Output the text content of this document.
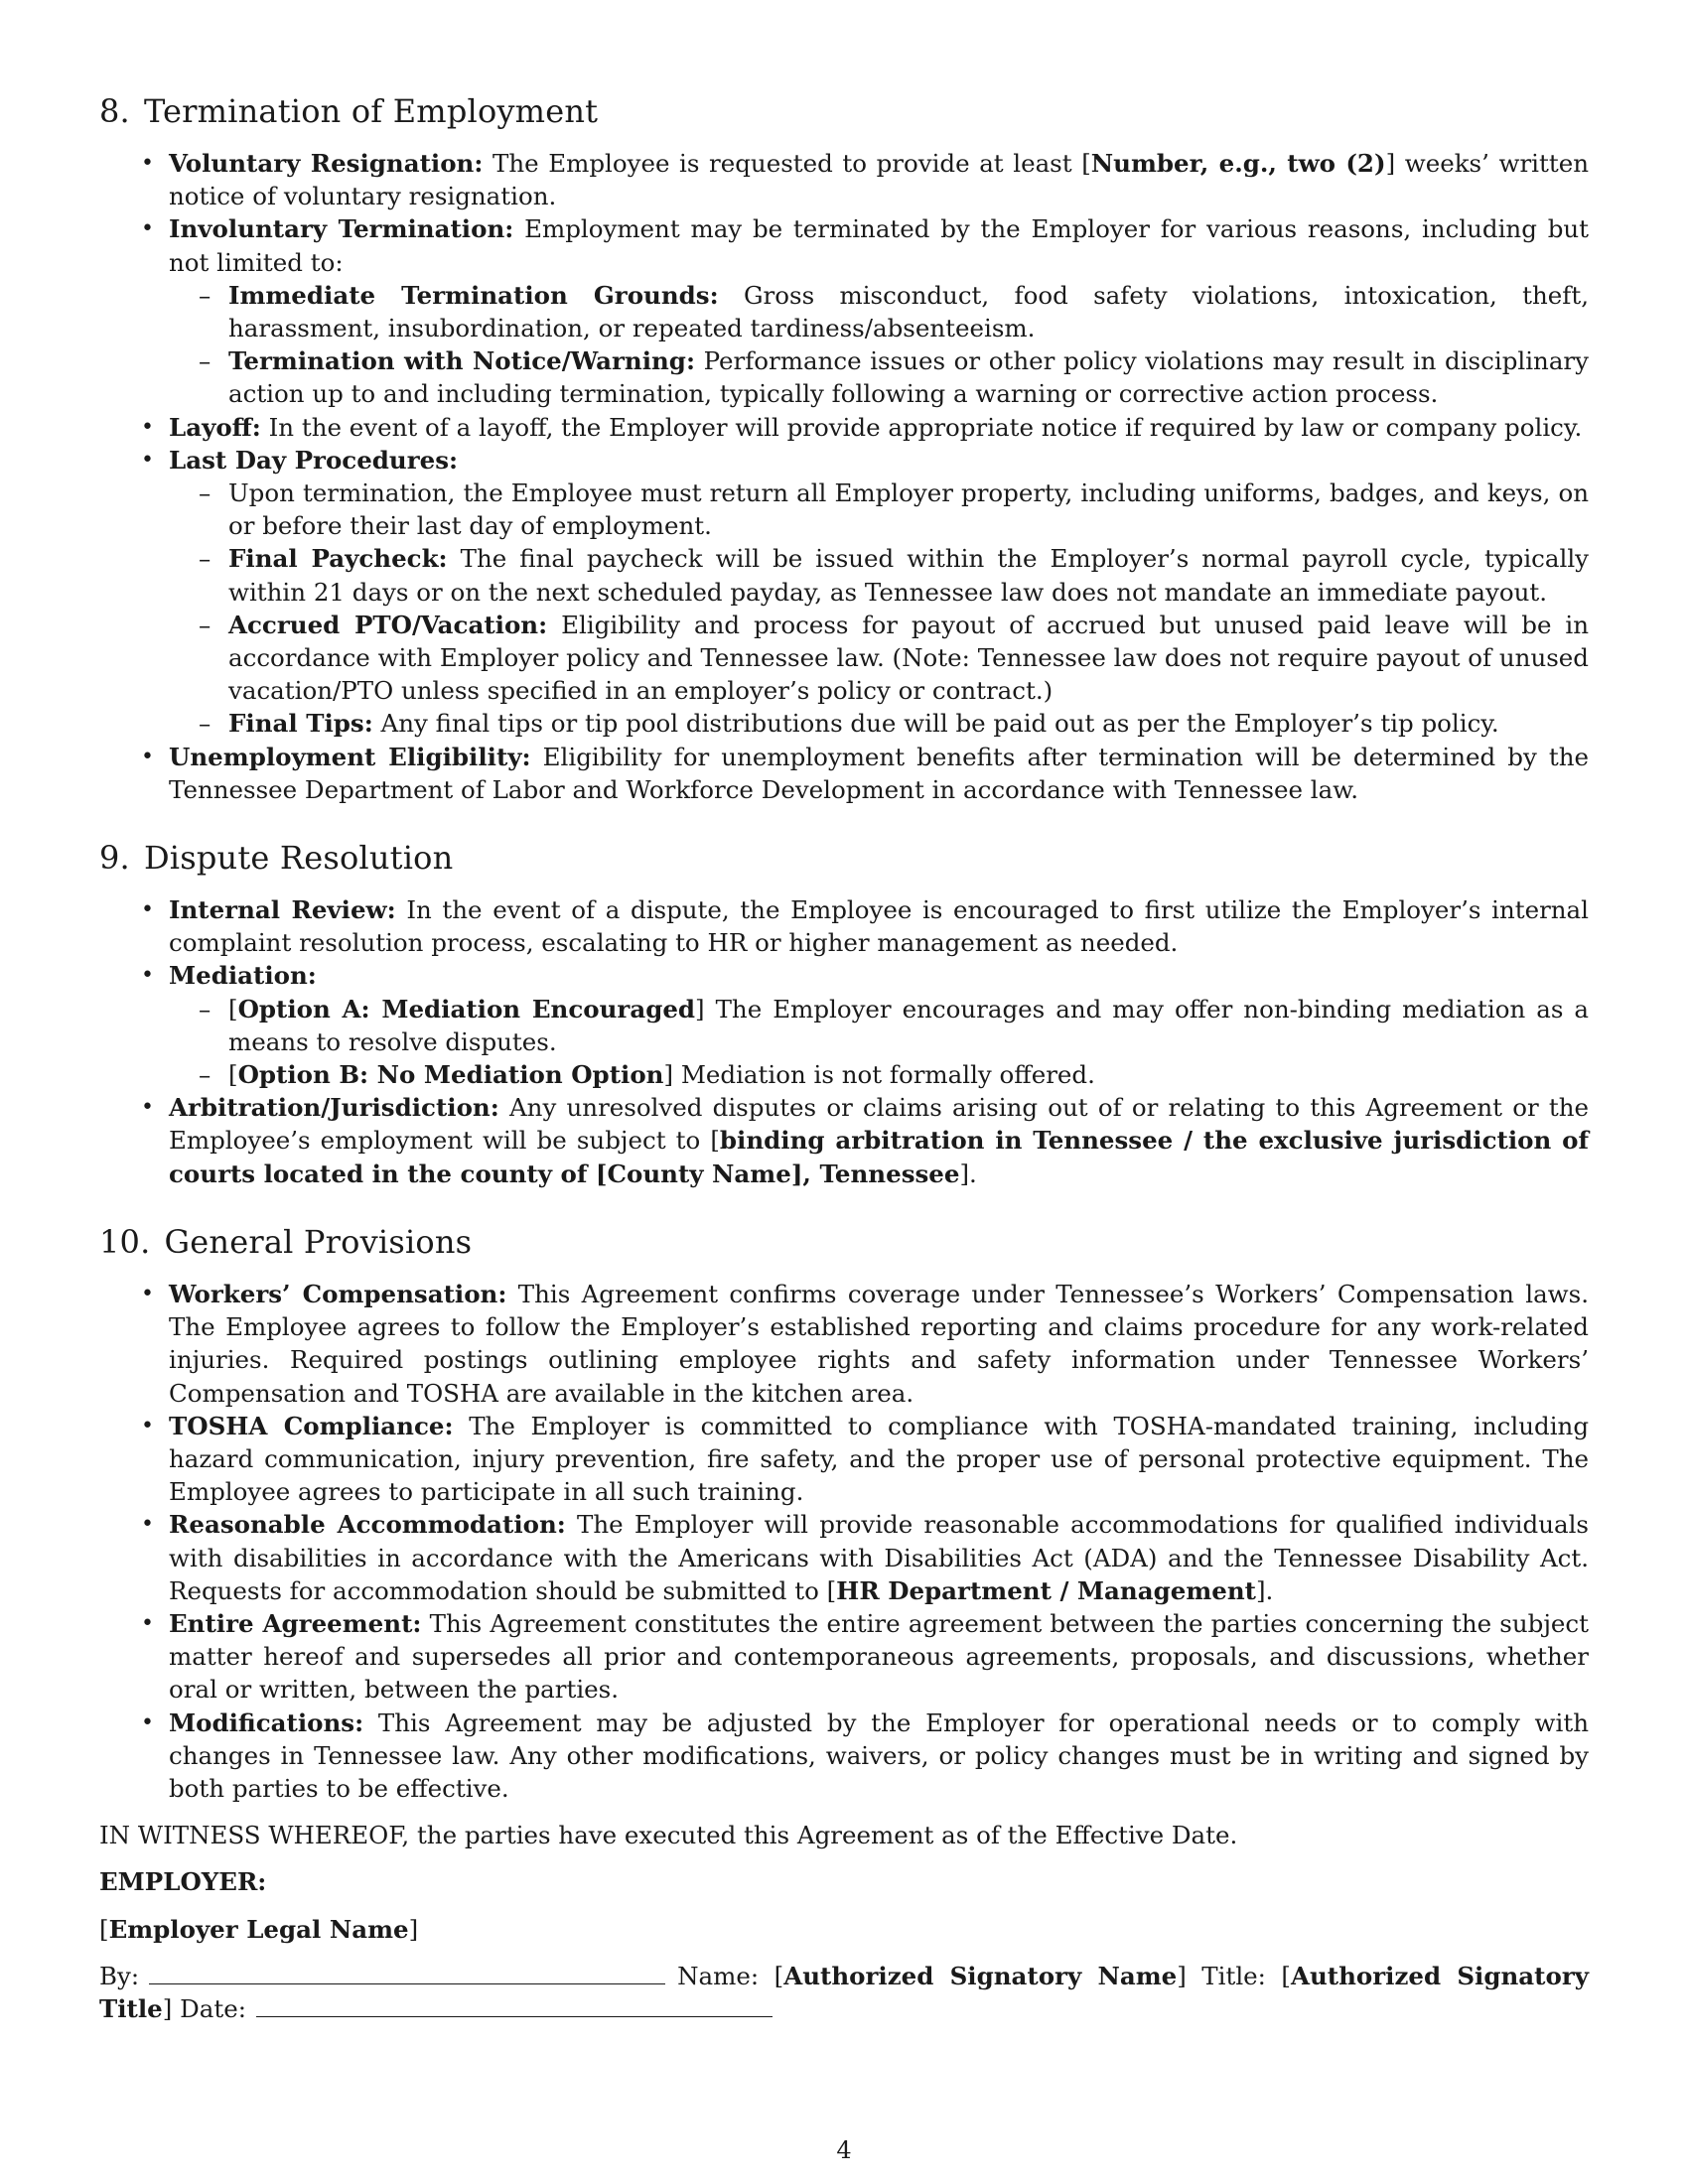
8. Termination of Employment
• Voluntary Resignation: The Employee is requested to provide at least [Number, e.g., two (2)] weeks’ written notice of voluntary resignation.
• Involuntary Termination: Employment may be terminated by the Employer for various reasons, including but not limited to:
– Immediate Termination Grounds: Gross misconduct, food safety violations, intoxication, theft, harassment, insubordination, or repeated tardiness/absenteeism.
– Termination with Notice/Warning: Performance issues or other policy violations may result in disciplinary action up to and including termination, typically following a warning or corrective action process.
• Layoff: In the event of a layoff, the Employer will provide appropriate notice if required by law or company policy.
• Last Day Procedures:
– Upon termination, the Employee must return all Employer property, including uniforms, badges, and keys, on or before their last day of employment.
– Final Paycheck: The final paycheck will be issued within the Employer’s normal payroll cycle, typically within 21 days or on the next scheduled payday, as Tennessee law does not mandate an immediate payout.
– Accrued PTO/Vacation: Eligibility and process for payout of accrued but unused paid leave will be in accordance with Employer policy and Tennessee law. (Note: Tennessee law does not require payout of unused vacation/PTO unless specified in an employer’s policy or contract.)
– Final Tips: Any final tips or tip pool distributions due will be paid out as per the Employer’s tip policy.
• Unemployment Eligibility: Eligibility for unemployment benefits after termination will be determined by the Tennessee Department of Labor and Workforce Development in accordance with Tennessee law.
9. Dispute Resolution
• Internal Review: In the event of a dispute, the Employee is encouraged to first utilize the Employer’s internal complaint resolution process, escalating to HR or higher management as needed.
• Mediation:
– [Option A: Mediation Encouraged] The Employer encourages and may offer non-binding mediation as a means to resolve disputes.
– [Option B: No Mediation Option] Mediation is not formally offered.
• Arbitration/Jurisdiction: Any unresolved disputes or claims arising out of or relating to this Agreement or the Employee’s employment will be subject to [binding arbitration in Tennessee / the exclusive jurisdiction of courts located in the county of [County Name], Tennessee].
10. General Provisions
• Workers’ Compensation: This Agreement confirms coverage under Tennessee’s Workers’ Compensation laws. The Employee agrees to follow the Employer’s established reporting and claims procedure for any work-related injuries. Required postings outlining employee rights and safety information under Tennessee Workers’ Compensation and TOSHA are available in the kitchen area.
• TOSHA Compliance: The Employer is committed to compliance with TOSHA-mandated training, including hazard communication, injury prevention, fire safety, and the proper use of personal protective equipment. The Employee agrees to participate in all such training.
• Reasonable Accommodation: The Employer will provide reasonable accommodations for qualified individuals with disabilities in accordance with the Americans with Disabilities Act (ADA) and the Tennessee Disability Act. Requests for accommodation should be submitted to [HR Department / Management].
• Entire Agreement: This Agreement constitutes the entire agreement between the parties concerning the subject matter hereof and supersedes all prior and contemporaneous agreements, proposals, and discussions, whether oral or written, between the parties.
• Modifications: This Agreement may be adjusted by the Employer for operational needs or to comply with changes in Tennessee law. Any other modifications, waivers, or policy changes must be in writing and signed by both parties to be effective.

IN WITNESS WHEREOF, the parties have executed this Agreement as of the Effective Date.

EMPLOYER:

[Employer Legal Name]

By:	Name: [Authorized Signatory Name] Title: [Authorized Signatory Title] Date:

4
